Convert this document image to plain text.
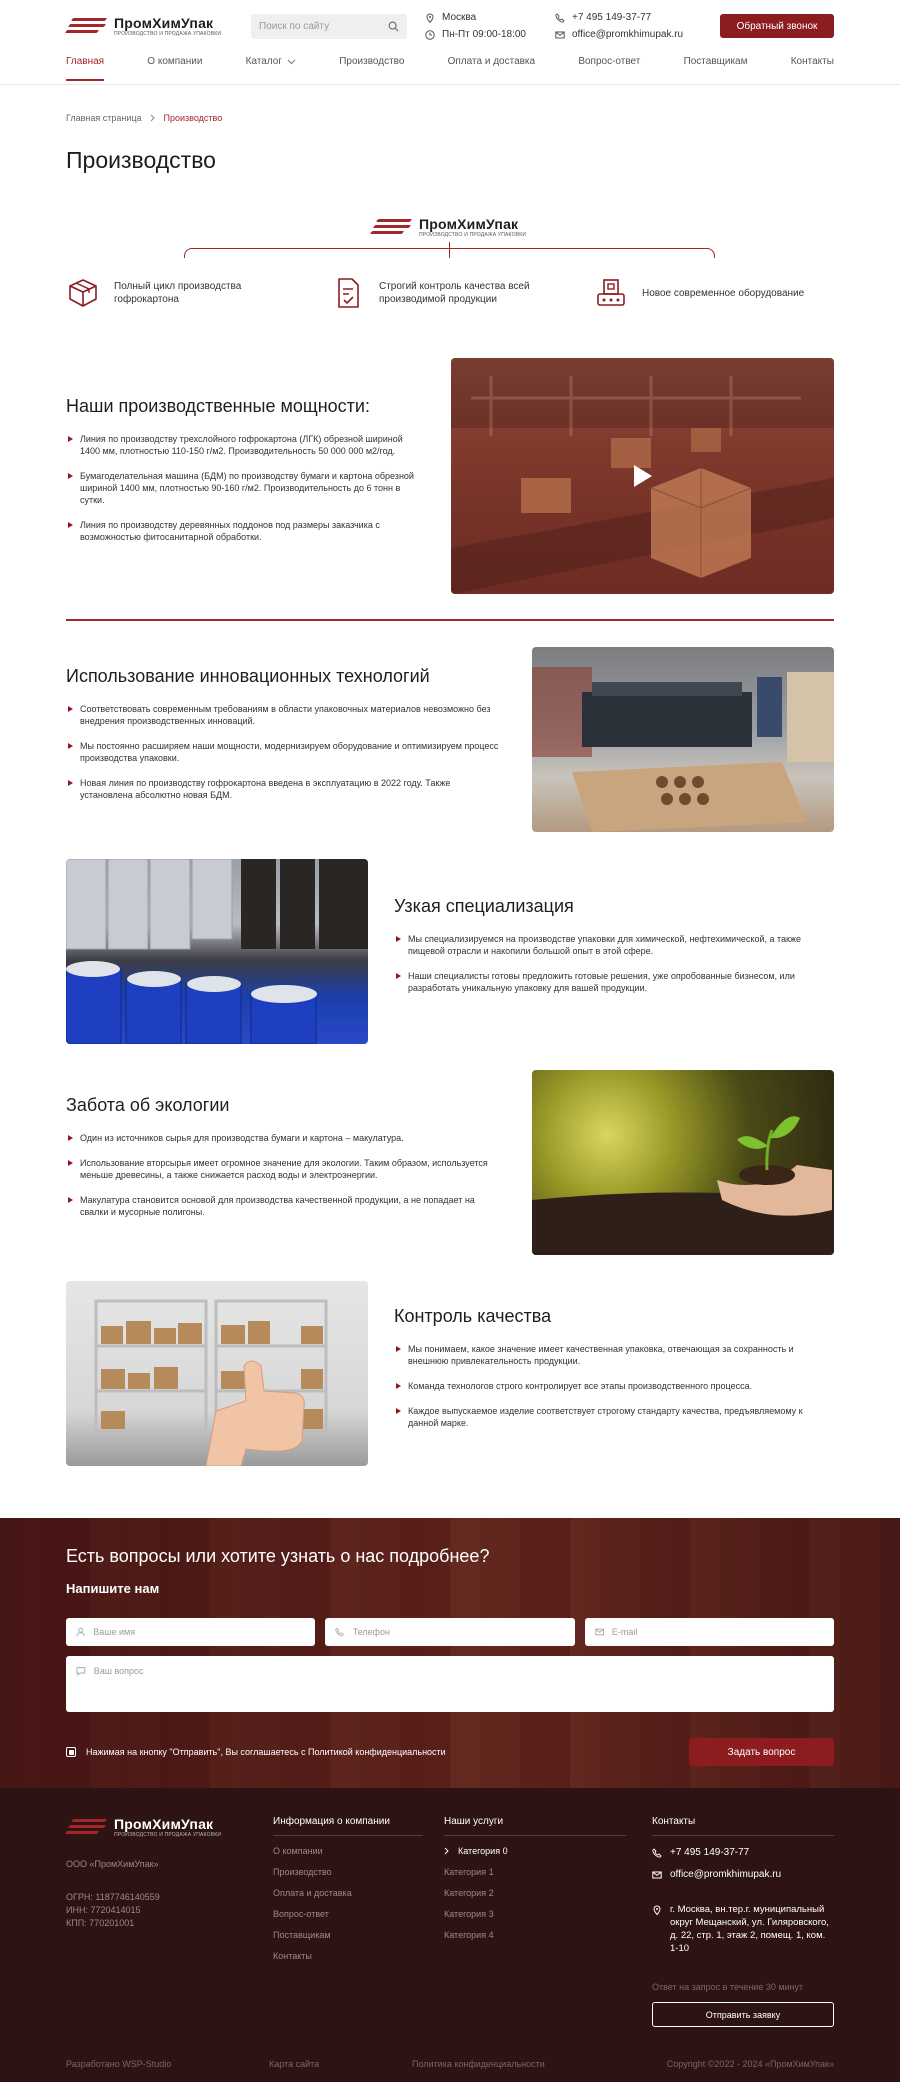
ПромХимУпак
ПРОИЗВОДСТВО И ПРОДАЖА УПАКОВКИ
Поиск по сайту
Москва
Пн-Пт 09:00-18:00
+7 495 149-37-77
office@promkhimupak.ru
Обратный звонок
Главная	О компании	Каталог	Производство	Оплата и доставка	Вопрос-ответ	Поставщикам	Контакты
Главная страница Производство
Производство
ПромХимУпак
ПРОИЗВОДСТВО И ПРОДАЖА УПАКОВКИ
Полный цикл производства гофрокартона
Строгий контроль качества всей производимой продукции
Новое современное оборудование
Наши производственные мощности:
Линия по производству трехслойного гофрокартона (ЛГК) обрезной шириной 1400 мм, плотностью 110-150 г/м2. Производительность 50 000 000 м2/год.
Бумагоделательная машина (БДМ) по производству бумаги и картона обрезной шириной 1400 мм, плотностью 90-160 г/м2. Производительность до 6 тонн в сутки.
Линия по производству деревянных поддонов под размеры заказчика с возможностью фитосанитарной обработки.
Использование инновационных технологий
Соответствовать современным требованиям в области упаковочных материалов невозможно без внедрения производственных инноваций.
Мы постоянно расширяем наши мощности, модернизируем оборудование и оптимизируем процесс производства упаковки.
Новая линия по производству гофрокартона введена в эксплуатацию в 2022 году. Также установлена абсолютно новая БДМ.
Узкая специализация
Мы специализируемся на производстве упаковки для химической, нефтехимической, а также пищевой отрасли и накопили большой опыт в этой сфере.
Наши специалисты готовы предложить готовые решения, уже опробованные бизнесом, или разработать уникальную упаковку для вашей продукции.
Забота об экологии
Один из источников сырья для производства бумаги и картона – макулатура.
Использование вторсырья имеет огромное значение для экологии. Таким образом, используется меньше древесины, а также снижается расход воды и электроэнергии.
Макулатура становится основой для производства качественной продукции, а не попадает на свалки и мусорные полигоны.
Контроль качества
Мы понимаем, какое значение имеет качественная упаковка, отвечающая за сохранность и внешнюю привлекательность продукции.
Команда технологов строго контролирует все этапы производственного процесса.
Каждое выпускаемое изделие соответствует строгому стандарту качества, предъявляемому к данной марке.
Есть вопросы или хотите узнать о нас подробнее?
Напишите нам
Ваше имя
Телефон
E-mail
Ваш вопрос
Нажимая на кнопку "Отправить", Вы соглашаетесь с Политикой конфиденциальности	Задать вопрос
ПромХимУпак
ПРОИЗВОДСТВО И ПРОДАЖА УПАКОВКИ
ООО «ПромХимУпак»
ОГРН: 1187746140559
ИНН: 7720414015
КПП: 770201001
Информация о компании
О компании
Производство
Оплата и доставка
Вопрос-ответ
Поставщикам
Контакты
Наши услуги
Категория 0
Категория 1
Категория 2
Категория 3
Категория 4
Контакты
+7 495 149-37-77
office@promkhimupak.ru
г. Москва, вн.тер.г. муниципальный округ Мещанский, ул. Гиляровского, д. 22, стр. 1, этаж 2, помещ. 1, ком. 1-10
Ответ на запрос в течение 30 минут
Отправить заявку
Разработано WSP-Studio	Карта сайта	Политика конфиденциальности	Copyright ©2022 - 2024 «ПромХимУпак»
